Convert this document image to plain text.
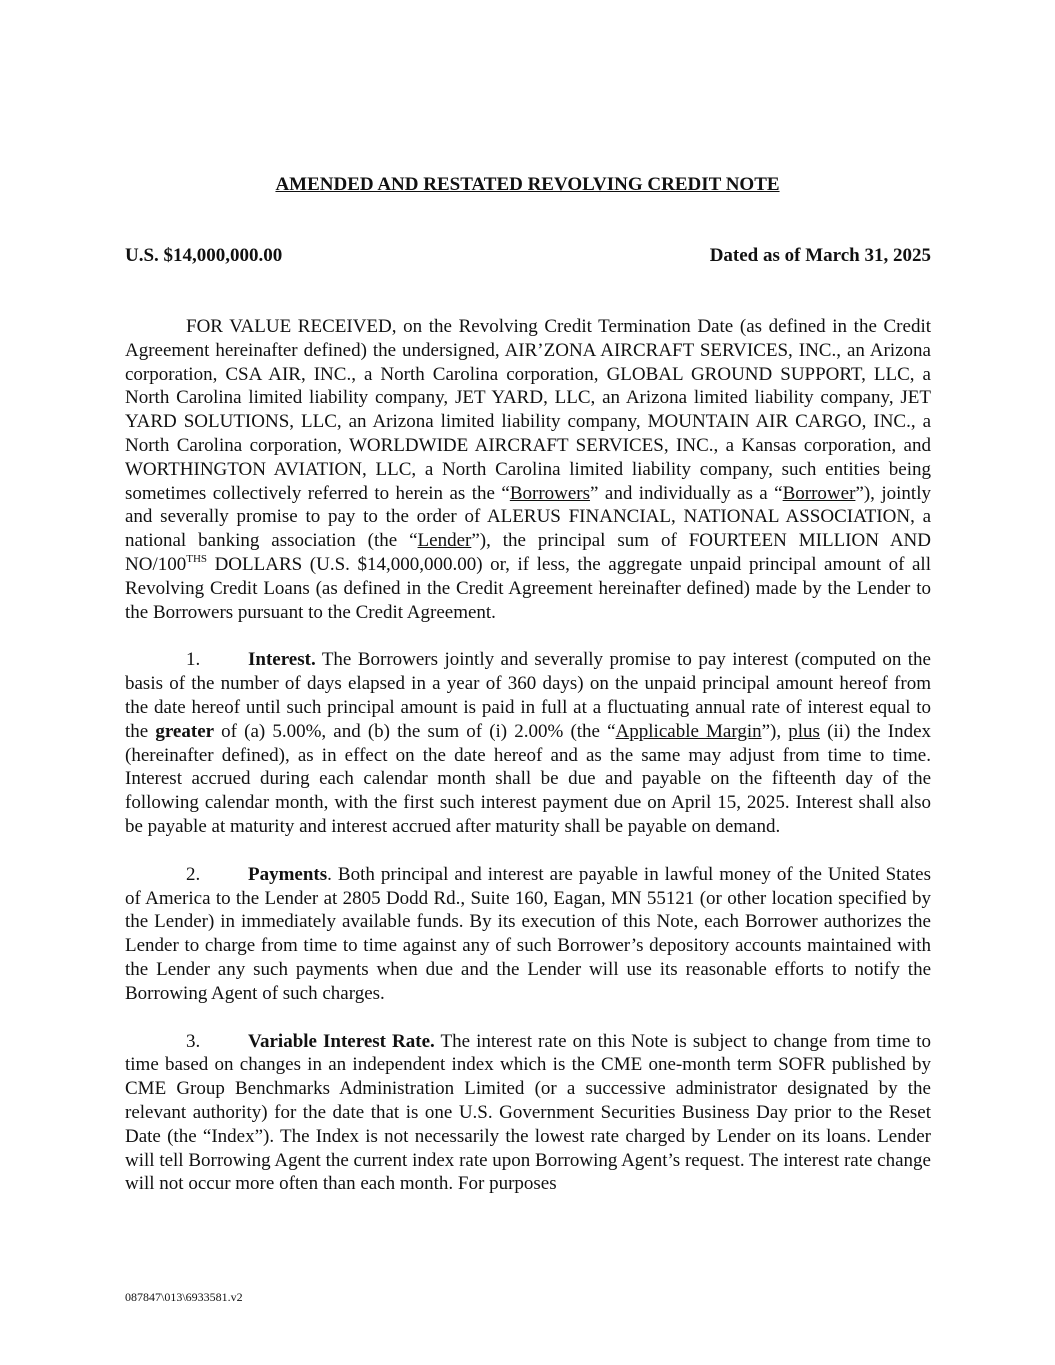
AMENDED AND RESTATED REVOLVING CREDIT NOTE
U.S. $14,000,000.00	Dated as of March 31, 2025

FOR VALUE RECEIVED, on the Revolving Credit Termination Date (as defined in the Credit Agreement hereinafter defined) the undersigned, AIR’ZONA AIRCRAFT SERVICES, INC., an Arizona corporation, CSA AIR, INC., a North Carolina corporation, GLOBAL GROUND SUPPORT, LLC, a North Carolina limited liability company, JET YARD, LLC, an Arizona limited liability company, JET YARD SOLUTIONS, LLC, an Arizona limited liability company, MOUNTAIN AIR CARGO, INC., a North Carolina corporation, WORLDWIDE AIRCRAFT SERVICES, INC., a Kansas corporation, and WORTHINGTON AVIATION, LLC, a North Carolina limited liability company, such entities being sometimes collectively referred to herein as the “Borrowers” and individually as a “Borrower”), jointly and severally promise to pay to the order of ALERUS FINANCIAL, NATIONAL ASSOCIATION, a national banking association (the “Lender”), the principal sum of FOURTEEN MILLION AND $NO/100^{THS}$ DOLLARS (U.S. $14,000,000.00) or, if less, the aggregate unpaid principal amount of all Revolving Credit Loans (as defined in the Credit Agreement hereinafter defined) made by the Lender to the Borrowers pursuant to the Credit Agreement.

1.	Interest. The Borrowers jointly and severally promise to pay interest (computed on the basis of the number of days elapsed in a year of 360 days) on the unpaid principal amount hereof from the date hereof until such principal amount is paid in full at a fluctuating annual rate of interest equal to the greater of (a) 5.00%, and (b) the sum of (i) 2.00% (the “Applicable Margin”), plus (ii) the Index (hereinafter defined), as in effect on the date hereof and as the same may adjust from time to time. Interest accrued during each calendar month shall be due and payable on the fifteenth day of the following calendar month, with the first such interest payment due on April 15, 2025. Interest shall also be payable at maturity and interest accrued after maturity shall be payable on demand.

2.	Payments. Both principal and interest are payable in lawful money of the United States of America to the Lender at 2805 Dodd Rd., Suite 160, Eagan, MN 55121 (or other location specified by the Lender) in immediately available funds. By its execution of this Note, each Borrower authorizes the Lender to charge from time to time against any of such Borrower’s depository accounts maintained with the Lender any such payments when due and the Lender will use its reasonable efforts to notify the Borrowing Agent of such charges.

3.	Variable Interest Rate. The interest rate on this Note is subject to change from time to time based on changes in an independent index which is the CME one-month term SOFR published by CME Group Benchmarks Administration Limited (or a successive administrator designated by the relevant authority) for the date that is one U.S. Government Securities Business Day prior to the Reset Date (the “Index”). The Index is not necessarily the lowest rate charged by Lender on its loans. Lender will tell Borrowing Agent the current index rate upon Borrowing Agent’s request. The interest rate change will not occur more often than each month. For purposes

087847\013\6933581.v2
